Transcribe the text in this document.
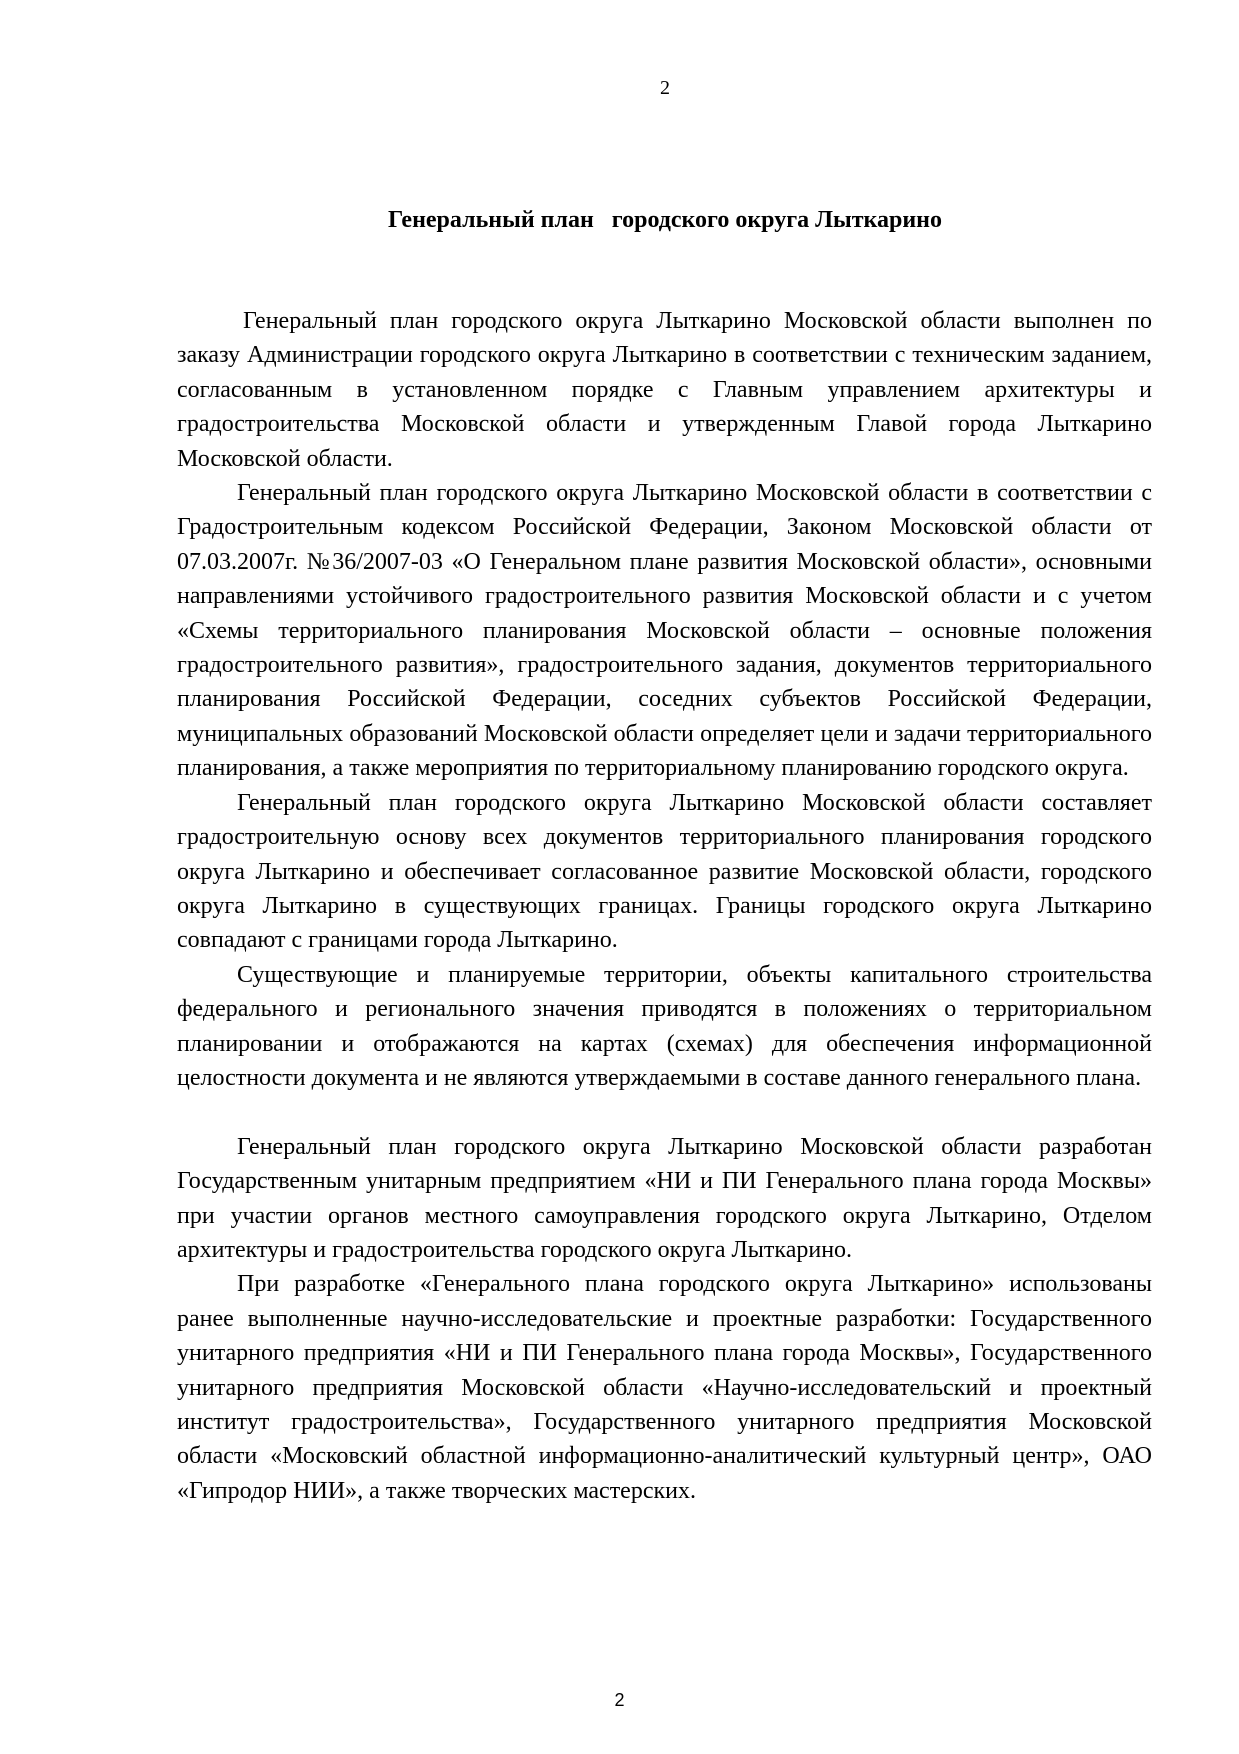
2
Генеральный план   городского округа Лыткарино

Генеральный план городского округа Лыткарино Московской области выполнен по заказу Администрации городского округа Лыткарино в соответствии с техническим заданием, согласованным в установленном порядке с Главным управлением архитектуры и градостроительства Московской области и утвержденным Главой города Лыткарино Московской области.

Генеральный план городского округа Лыткарино Московской области в соответствии с Градостроительным кодексом Российской Федерации, Законом Московской области от 07.03.2007г. №36/2007-03 «О Генеральном плане развития Московской области», основными направлениями устойчивого градостроительного развития Московской области и с учетом «Схемы территориального планирования Московской области – основные положения градостроительного развития», градостроительного задания, документов территориального планирования Российской Федерации, соседних субъектов Российской Федерации, муниципальных образований Московской области определяет цели и задачи территориального планирования, а также мероприятия по территориальному планированию городского округа.

Генеральный план городского округа Лыткарино Московской области составляет градостроительную основу всех документов территориального планирования городского округа Лыткарино и обеспечивает согласованное развитие Московской области, городского округа Лыткарино в существующих границах. Границы городского округа Лыткарино совпадают с границами города Лыткарино.

Существующие и планируемые территории, объекты капитального строительства федерального и регионального значения приводятся в положениях о территориальном планировании и отображаются на картах (схемах) для обеспечения информационной целостности документа и не являются утверждаемыми в составе данного генерального плана.

Генеральный план городского округа Лыткарино Московской области разработан Государственным унитарным предприятием «НИ и ПИ Генерального плана города Москвы» при участии органов местного самоуправления городского округа Лыткарино, Отделом архитектуры и градостроительства городского округа Лыткарино.

При разработке «Генерального плана городского округа Лыткарино» использованы ранее выполненные научно-исследовательские и проектные разработки: Государственного унитарного предприятия «НИ и ПИ Генерального плана города Москвы», Государственного унитарного предприятия Московской области «Научно-исследовательский и проектный институт градостроительства», Государственного унитарного предприятия Московской области «Московский областной информационно-аналитический культурный центр», ОАО «Гипродор НИИ», а также творческих мастерских.

2
